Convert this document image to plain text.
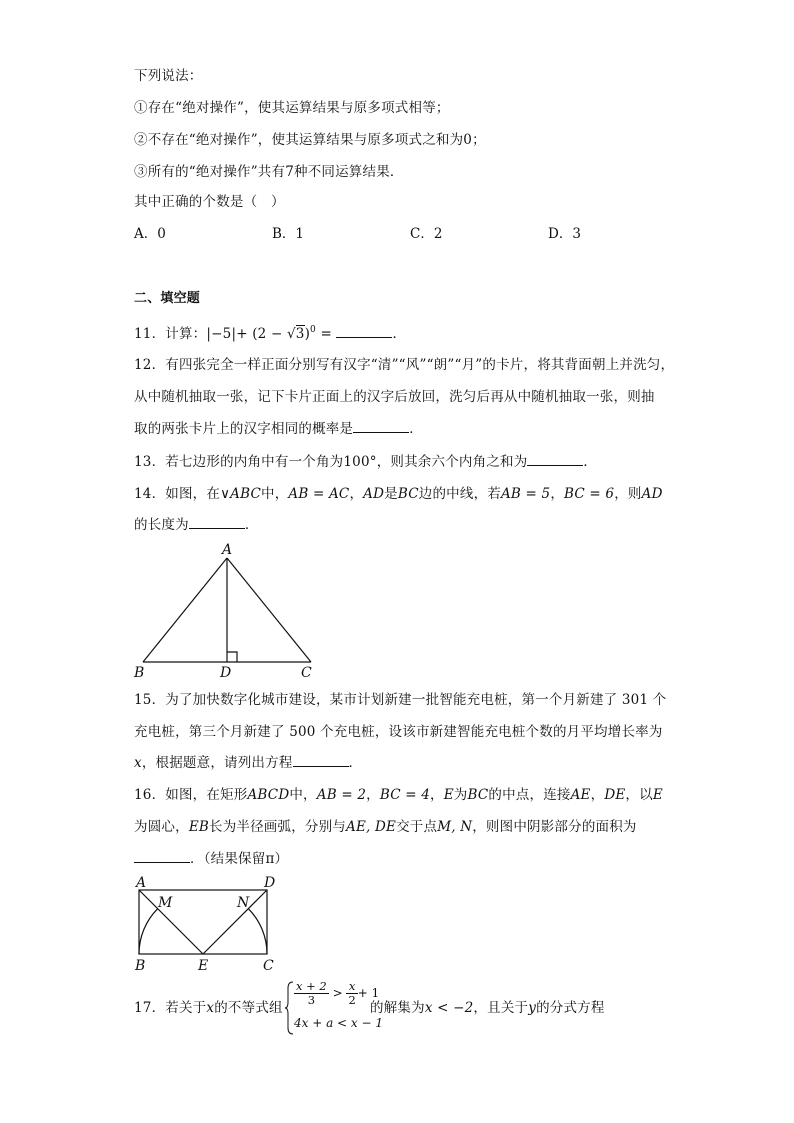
下列说法：
①存在“绝对操作”，使其运算结果与原多项式相等；
②不存在“绝对操作”，使其运算结果与原多项式之和为0；
③所有的“绝对操作”共有7种不同运算结果．
其中正确的个数是（　）
A．0	B．1	C．2	D．3
二、填空题
11．计算：$|-5|+ (2 - √3)^0$ =	．
12．有四张完全一样正面分别写有汉字“清”“风”“朗”“月”的卡片，将其背面朝上并洗匀，
从中随机抽取一张，记下卡片正面上的汉字后放回，洗匀后再从中随机抽取一张，则抽
取的两张卡片上的汉字相同的概率是	．
13．若七边形的内角中有一个角为100°，则其余六个内角之和为	．
14．如图，在∨ABC中，AB = AC，AD是BC边的中线，若AB = 5，BC = 6，则AD
的长度为	．
A
B	D	C
15．为了加快数字化城市建设，某市计划新建一批智能充电桩，第一个月新建了 301 个
充电桩，第三个月新建了 500 个充电桩，设该市新建智能充电桩个数的月平均增长率为
x，根据题意，请列出方程	．
16．如图，在矩形ABCD中，AB = 2，BC = 4，E为BC的中点，连接AE，DE，以E
为圆心，EB长为半径画弧，分别与AE, DE交于点M, N，则图中阴影部分的面积为
．（结果保留π）
A	D
M	N
B	E	C
17．若关于x的不等式组
$\frac{x + 2}{3} > \frac{x}{2} + 1$
4x + a < x − 1
的解集为x < −2，且关于y的分式方程
